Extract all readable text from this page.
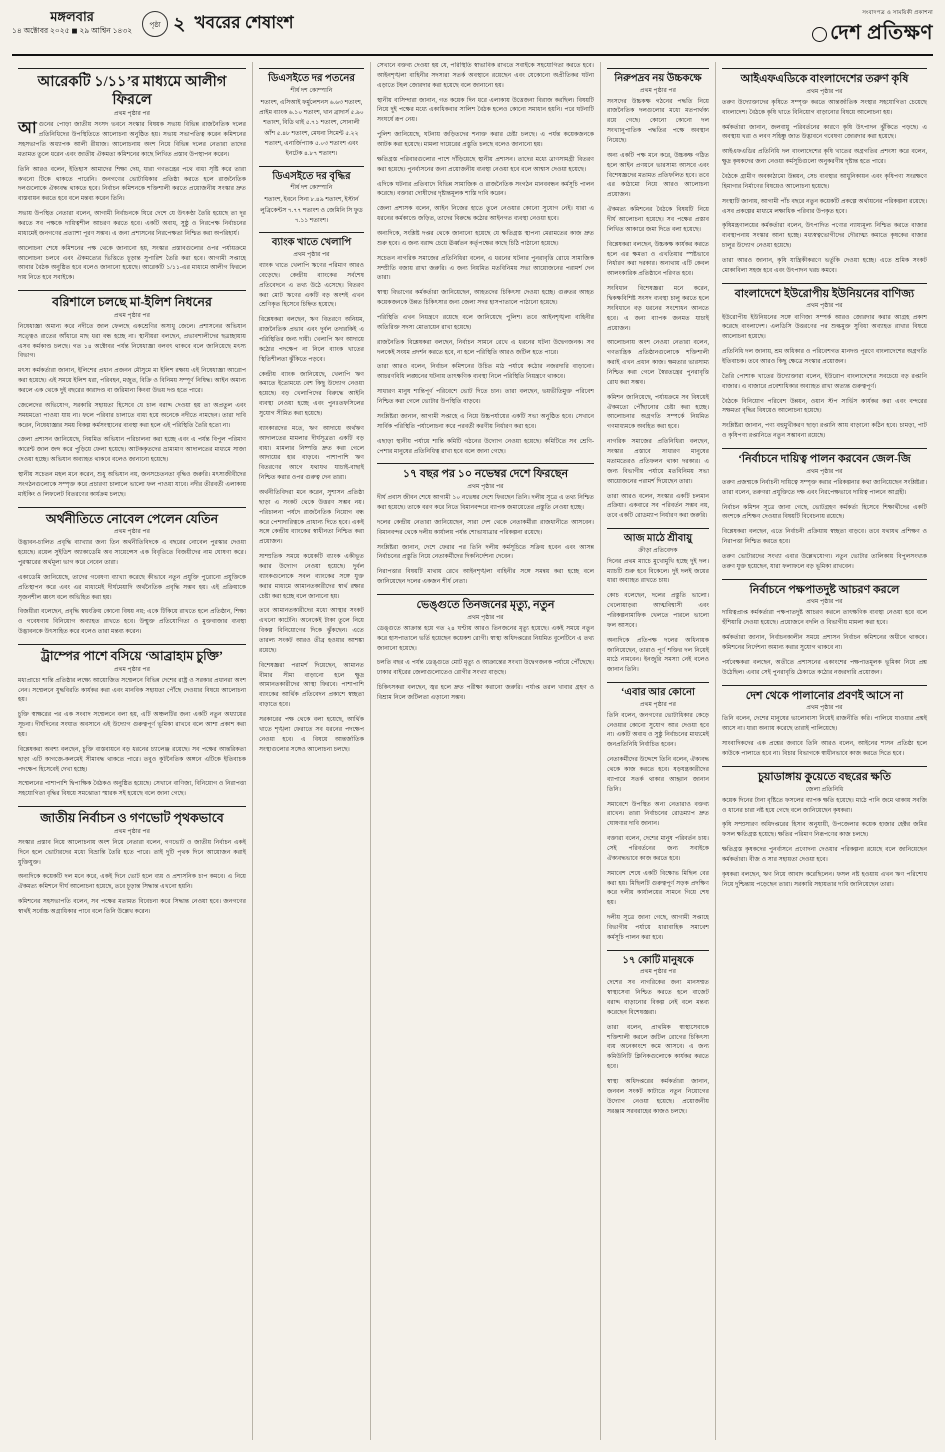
মঙ্গলবার
১৪ অক্টোবর ২০২৫ ◼ ২৯ আশ্বিন ১৪৩২
পৃষ্ঠা ২ খবরের শেষাংশ	সংবাদপত্র ও সাময়িকী প্রকাশনা
দেশ প্রতিক্ষণ
আরেকটি ১/১১’র মাধ্যমে আলীগ ফিরলে
প্রথম পৃষ্ঠার পর
আগুনের পোড়া জাতীয় সংসদ ভবনে সংস্কার বিষয়ক সভায় বিভিন্ন রাজনৈতিক দলের প্রতিনিধিদের উপস্থিতিতে আলোচনা অনুষ্ঠিত হয়। সভায় সভাপতিত্ব করেন কমিশনের সহসভাপতি অধ্যাপক আলী রীয়াজ। আলোচনায় অংশ নিয়ে বিভিন্ন দলের নেতারা তাদের মতামত তুলে ধরেন এবং জাতীয় ঐকমত্য কমিশনের কাছে লিখিত প্রস্তাব উপস্থাপন করেন।
তিনি আরও বলেন, ইতিহাস আমাদের শিক্ষা দেয়, যারা গণতন্ত্রের পথে বাধা সৃষ্টি করে তারা কখনো টিকে থাকতে পারেনি। জনগণের ভোটাধিকার প্রতিষ্ঠা করতে হলে রাজনৈতিক দলগুলোকে ঐক্যবদ্ধ থাকতে হবে। নির্বাচন কমিশনকে শক্তিশালী করতে প্রয়োজনীয় সংস্কার দ্রুত বাস্তবায়ন করতে হবে বলে মন্তব্য করেন তিনি।
সভায় উপস্থিত নেতারা বলেন, আগামী নির্বাচনকে ঘিরে দেশে যে উৎকণ্ঠা তৈরি হয়েছে তা দূর করতে সব পক্ষকে দায়িত্বশীল আচরণ করতে হবে। একটি অবাধ, সুষ্ঠু ও নিরপেক্ষ নির্বাচনের মাধ্যমেই জনগণের প্রত্যাশা পূরণ সম্ভব। এ জন্য প্রশাসনের নিরপেক্ষতা নিশ্চিত করা অপরিহার্য।
আলোচনা শেষে কমিশনের পক্ষ থেকে জানানো হয়, সংস্কার প্রস্তাবগুলোর ওপর পর্যায়ক্রমে আলোচনা চলবে এবং ঐকমত্যের ভিত্তিতে চূড়ান্ত সুপারিশ তৈরি করা হবে। আগামী সপ্তাহে আবার বৈঠক অনুষ্ঠিত হবে বলেও জানানো হয়েছে। আরেকটি ১/১১-এর মাধ্যমে আলীগ ফিরলে দায় নিতে হবে সবাইকে।
বরিশালে চলছে মা-ইলিশ নিধনের
প্রথম পৃষ্ঠার পর
নিষেধাজ্ঞা অমান্য করে নদীতে জাল ফেলছে একশ্রেণির অসাধু জেলে। প্রশাসনের অভিযান সত্ত্বেও রাতের আঁধারে মাছ ধরা বন্ধ হচ্ছে না। স্থানীয়রা বলছেন, প্রভাবশালীদের ছত্রচ্ছায়ায় এসব কর্মকাণ্ড চলছে। গত ১৪ অক্টোবর পর্যন্ত নিষেধাজ্ঞা বলবৎ থাকবে বলে জানিয়েছে মৎস্য বিভাগ।
মৎস্য কর্মকর্তারা জানান, ইলিশের প্রধান প্রজনন মৌসুমে মা ইলিশ রক্ষায় এই নিষেধাজ্ঞা আরোপ করা হয়েছে। এই সময়ে ইলিশ ধরা, পরিবহন, মজুত, বিক্রি ও বিনিময় সম্পূর্ণ নিষিদ্ধ। আইন অমান্য করলে এক থেকে দুই বছরের কারাদণ্ড বা জরিমানা কিংবা উভয় দণ্ড হতে পারে।
জেলেদের অভিযোগ, সরকারি সহায়তা হিসেবে যে চাল বরাদ্দ দেওয়া হয় তা অপ্রতুল এবং সময়মতো পাওয়া যায় না। ফলে পরিবার চালাতে বাধ্য হয়ে অনেকে নদীতে নামছেন। তারা দাবি করেন, নিষেধাজ্ঞার সময় বিকল্প কর্মসংস্থানের ব্যবস্থা করা হলে এই পরিস্থিতি তৈরি হতো না।
জেলা প্রশাসন জানিয়েছে, নিয়মিত অভিযান পরিচালনা করা হচ্ছে এবং এ পর্যন্ত বিপুল পরিমাণ কারেন্ট জাল জব্দ করে পুড়িয়ে ফেলা হয়েছে। আটককৃতদের ভ্রাম্যমাণ আদালতের মাধ্যমে সাজা দেওয়া হচ্ছে। অভিযান অব্যাহত থাকবে বলেও জানানো হয়েছে।
স্থানীয় সচেতন মহল মনে করেন, শুধু অভিযান নয়, জনসচেতনতা বৃদ্ধিও জরুরি। মৎস্যজীবীদের সংগঠনগুলোকে সম্পৃক্ত করে প্রচারণা চালালে ভালো ফল পাওয়া যাবে। নদীর তীরবর্তী এলাকায় মাইকিং ও লিফলেট বিতরণের কার্যক্রম চলছে।
অর্থনীতিতে নোবেল পেলেন যেতিন
প্রথম পৃষ্ঠার পর
উদ্ভাবন-চালিত প্রবৃদ্ধি ব্যাখ্যার জন্য তিন অর্থনীতিবিদকে এ বছরের নোবেল পুরস্কার দেওয়া হয়েছে। রয়েল সুইডিশ অ্যাকাডেমি অব সায়েন্সেস এক বিবৃতিতে বিজয়ীদের নাম ঘোষণা করে। পুরস্কারের অর্থমূল্য ভাগ করে নেবেন তারা।
একাডেমি জানিয়েছে, তাদের গবেষণা ব্যাখ্যা করেছে কীভাবে নতুন প্রযুক্তি পুরোনো প্রযুক্তিকে প্রতিস্থাপন করে এবং এর মাধ্যমেই দীর্ঘমেয়াদি অর্থনৈতিক প্রবৃদ্ধি সম্ভব হয়। এই প্রক্রিয়াকে সৃজনশীল ধ্বংস বলে অভিহিত করা হয়।
বিজয়ীরা বলেছেন, প্রবৃদ্ধি স্বয়ংক্রিয় কোনো বিষয় নয়; একে টিকিয়ে রাখতে হলে প্রতিষ্ঠান, শিক্ষা ও গবেষণায় বিনিয়োগ অব্যাহত রাখতে হবে। উন্মুক্ত প্রতিযোগিতা ও মুক্তবাজার ব্যবস্থা উদ্ভাবনকে উৎসাহিত করে বলেও তারা মন্তব্য করেন।
ট্রাম্পের পাশে বসিয়ে ‘আব্রাহাম চুক্তি’
প্রথম পৃষ্ঠার পর
মধ্যপ্রাচ্যে শান্তি প্রতিষ্ঠার লক্ষ্যে আয়োজিত সম্মেলনে বিভিন্ন দেশের রাষ্ট্র ও সরকার প্রধানরা অংশ নেন। সম্মেলনে যুদ্ধবিরতি কার্যকর করা এবং মানবিক সহায়তা পৌঁছে দেওয়ার বিষয়ে আলোচনা হয়।
চুক্তি স্বাক্ষরের পর এক সংবাদ সম্মেলনে বলা হয়, এটি অঞ্চলটির জন্য একটি নতুন অধ্যায়ের সূচনা। দীর্ঘদিনের সংঘাত অবসানে এই উদ্যোগ গুরুত্বপূর্ণ ভূমিকা রাখবে বলে আশা প্রকাশ করা হয়।
বিশ্লেষকরা অবশ্য বলছেন, চুক্তি বাস্তবায়নে বড় ধরনের চ্যালেঞ্জ রয়েছে। সব পক্ষের আন্তরিকতা ছাড়া এটি কাগজে-কলমেই সীমাবদ্ধ থাকতে পারে। তবুও কূটনৈতিক অঙ্গনে এটিকে ইতিবাচক পদক্ষেপ হিসেবেই দেখা হচ্ছে।
সম্মেলনের পাশাপাশি দ্বিপাক্ষিক বৈঠকও অনুষ্ঠিত হয়েছে। সেখানে বাণিজ্য, বিনিয়োগ ও নিরাপত্তা সহযোগিতা বৃদ্ধির বিষয়ে সমঝোতা স্মারক সই হয়েছে বলে জানা গেছে।
জাতীয় নির্বাচন ও গণভোট পৃথকভাবে
প্রথম পৃষ্ঠার পর
সংস্কার প্রস্তাব নিয়ে আলোচনায় অংশ নিয়ে নেতারা বলেন, গণভোট ও জাতীয় নির্বাচন একই দিনে হলে ভোটারদের মধ্যে বিভ্রান্তি তৈরি হতে পারে। তাই দুটি পৃথক দিনে আয়োজন করাই যুক্তিযুক্ত।
অন্যদিকে কয়েকটি দল মনে করে, একই দিনে ভোট হলে ব্যয় ও প্রশাসনিক চাপ কমবে। এ নিয়ে ঐকমত্য কমিশনে দীর্ঘ আলোচনা হয়েছে, তবে চূড়ান্ত সিদ্ধান্ত এখনো হয়নি।
কমিশনের সহসভাপতি বলেন, সব পক্ষের মতামত বিবেচনা করে সিদ্ধান্ত নেওয়া হবে। জনগণের স্বার্থই সর্বোচ্চ অগ্রাধিকার পাবে বলে তিনি উল্লেখ করেন।
ডিএসইতে দর পতনের
শীর্ষ দশ কোম্পানি
শতাংশ, এসিআই ফর্মুলেশনস ৬.৬৩ শতাংশ, প্রাইম ব্যাংক ৬.১০ শতাংশ, খান ব্রাদার্স ৫.৯০ শতাংশ, বিডি থাই ৫.৭১ শতাংশ, সোনালী আঁশ ৫.৪৮ শতাংশ, মেঘনা সিমেন্ট ৫.২২ শতাংশ, এনার্জিপ্যাক ৫.০৩ শতাংশ এবং ইনটেক ৪.৮৭ শতাংশ।
ডিএসইতে দর বৃদ্ধির
শীর্ষ দশ কোম্পানি
শতাংশ, ইবনে সিনা ৮.৪৯ শতাংশ, ইস্টার্ন লুব্রিকেন্টস ৭.৭৭ শতাংশ ও জেমিনি সি ফুড ৭.১১ শতাংশ।
ব্যাংক খাতে খেলাপি
প্রথম পৃষ্ঠার পর
ব্যাংক খাতে খেলাপি ঋণের পরিমাণ আরও বেড়েছে। কেন্দ্রীয় ব্যাংকের সর্বশেষ প্রতিবেদনে এ তথ্য উঠে এসেছে। বিতরণ করা মোট ঋণের একটি বড় অংশই এখন শ্রেণিকৃত হিসেবে চিহ্নিত হয়েছে।
বিশ্লেষকরা বলছেন, ঋণ বিতরণে অনিয়ম, রাজনৈতিক প্রভাব এবং দুর্বল তদারকিই এ পরিস্থিতির জন্য দায়ী। খেলাপি ঋণ আদায়ে কঠোর পদক্ষেপ না নিলে ব্যাংক খাতের স্থিতিশীলতা ঝুঁকিতে পড়বে।
কেন্দ্রীয় ব্যাংক জানিয়েছে, খেলাপি ঋণ কমাতে ইতোমধ্যে বেশ কিছু উদ্যোগ নেওয়া হয়েছে। বড় খেলাপিদের বিরুদ্ধে আইনি ব্যবস্থা নেওয়া হচ্ছে এবং পুনঃতফসিলের সুযোগ সীমিত করা হয়েছে।
ব্যাংকারদের মতে, ঋণ আদায়ে অর্থঋণ আদালতের মামলার দীর্ঘসূত্রতা একটি বড় বাধা। মামলার নিষ্পত্তি দ্রুত করা গেলে আদায়ের হার বাড়বে। পাশাপাশি ঋণ বিতরণের আগে যথাযথ যাচাই-বাছাই নিশ্চিত করার ওপর গুরুত্ব দেন তারা।
অর্থনীতিবিদরা মনে করেন, সুশাসন প্রতিষ্ঠা ছাড়া এ সংকট থেকে উত্তরণ সম্ভব নয়। পরিচালনা পর্ষদে রাজনৈতিক নিয়োগ বন্ধ করে পেশাদারিত্বকে প্রাধান্য দিতে হবে। একই সঙ্গে কেন্দ্রীয় ব্যাংকের স্বাধীনতা নিশ্চিত করা প্রয়োজন।
সাম্প্রতিক সময়ে কয়েকটি ব্যাংক একীভূত করার উদ্যোগ নেওয়া হয়েছে। দুর্বল ব্যাংকগুলোকে সবল ব্যাংকের সঙ্গে যুক্ত করার মাধ্যমে আমানতকারীদের স্বার্থ রক্ষার চেষ্টা করা হচ্ছে বলে জানানো হয়।
তবে আমানতকারীদের মধ্যে আস্থার সংকট এখনো কাটেনি। অনেকেই টাকা তুলে নিয়ে বিকল্প বিনিয়োগের দিকে ঝুঁকছেন। এতে তারল্য সংকট আরও তীব্র হওয়ার আশঙ্কা রয়েছে।
বিশেষজ্ঞরা পরামর্শ দিয়েছেন, আমানত বীমার সীমা বাড়ানো হলে ক্ষুদ্র আমানতকারীদের আস্থা ফিরবে। পাশাপাশি ব্যাংকের আর্থিক প্রতিবেদন প্রকাশে স্বচ্ছতা বাড়াতে হবে।
সরকারের পক্ষ থেকে বলা হয়েছে, আর্থিক খাতে শৃঙ্খলা ফেরাতে সব ধরনের পদক্ষেপ নেওয়া হবে। এ বিষয়ে আন্তর্জাতিক সংস্থাগুলোর সঙ্গেও আলোচনা চলছে।
সেখানে বক্তব্য দেওয়া হয় যে, পরিস্থিতি স্বাভাবিক রাখতে সবাইকে সহযোগিতা করতে হবে। আইনশৃঙ্খলা বাহিনীর সদস্যরা সতর্ক অবস্থানে রয়েছেন এবং যেকোনো অপ্রীতিকর ঘটনা এড়াতে টহল জোরদার করা হয়েছে বলে জানানো হয়।
স্থানীয় বাসিন্দারা জানান, গত কয়েক দিন ধরে এলাকায় উত্তেজনা বিরাজ করছিল। বিষয়টি নিয়ে দুই পক্ষের মধ্যে একাধিকবার সালিশ বৈঠক হলেও কোনো সমাধান হয়নি। পরে ঘটনাটি সংঘর্ষে রূপ নেয়।
পুলিশ জানিয়েছে, ঘটনায় জড়িতদের শনাক্ত করার চেষ্টা চলছে। এ পর্যন্ত কয়েকজনকে আটক করা হয়েছে। মামলা দায়েরের প্রস্তুতি চলছে বলেও জানানো হয়।
ক্ষতিগ্রস্ত পরিবারগুলোর পাশে দাঁড়িয়েছে স্থানীয় প্রশাসন। তাদের মধ্যে ত্রাণসামগ্রী বিতরণ করা হয়েছে। পুনর্বাসনের জন্য প্রয়োজনীয় ব্যবস্থা নেওয়া হবে বলে আশ্বাস দেওয়া হয়েছে।
এদিকে ঘটনার প্রতিবাদে বিভিন্ন সামাজিক ও রাজনৈতিক সংগঠন মানববন্ধন কর্মসূচি পালন করেছে। বক্তারা দোষীদের দৃষ্টান্তমূলক শাস্তি দাবি করেন।
জেলা প্রশাসক বলেন, আইন নিজের হাতে তুলে নেওয়ার কোনো সুযোগ নেই। যারা এ ধরনের কর্মকাণ্ডে জড়িত, তাদের বিরুদ্ধে কঠোর আইনগত ব্যবস্থা নেওয়া হবে।
অন্যদিকে, সংশ্লিষ্ট দপ্তর থেকে জানানো হয়েছে যে ক্ষতিগ্রস্ত স্থাপনা মেরামতের কাজ দ্রুত শুরু হবে। এ জন্য বরাদ্দ চেয়ে ঊর্ধ্বতন কর্তৃপক্ষের কাছে চিঠি পাঠানো হয়েছে।
সচেতন নাগরিক সমাজের প্রতিনিধিরা বলেন, এ ধরনের ঘটনার পুনরাবৃত্তি রোধে সামাজিক সম্প্রীতি বজায় রাখা জরুরি। এ জন্য নিয়মিত মতবিনিময় সভা আয়োজনের পরামর্শ দেন তারা।
স্বাস্থ্য বিভাগের কর্মকর্তারা জানিয়েছেন, আহতদের চিকিৎসা দেওয়া হচ্ছে। গুরুতর আহত কয়েকজনকে উন্নত চিকিৎসার জন্য জেলা সদর হাসপাতালে পাঠানো হয়েছে।
পরিস্থিতি এখন নিয়ন্ত্রণে রয়েছে বলে জানিয়েছে পুলিশ। তবে আইনশৃঙ্খলা বাহিনীর অতিরিক্ত সদস্য মোতায়েন রাখা হয়েছে।
রাজনৈতিক বিশ্লেষকরা বলছেন, নির্বাচন সামনে রেখে এ ধরনের ঘটনা উদ্বেগজনক। সব দলকেই সংযম প্রদর্শন করতে হবে, না হলে পরিস্থিতি আরও জটিল হতে পারে।
তারা আরও বলেন, নির্বাচন কমিশনের উচিত মাঠ পর্যায়ে কঠোর নজরদারি বাড়ানো। আচরণবিধি লঙ্ঘনের ঘটনায় তাৎক্ষণিক ব্যবস্থা নিলে পরিস্থিতি নিয়ন্ত্রণে থাকবে।
সাধারণ মানুষ শান্তিপূর্ণ পরিবেশে ভোট দিতে চান। তারা বলছেন, ভয়ভীতিমুক্ত পরিবেশ নিশ্চিত করা গেলে ভোটার উপস্থিতি বাড়বে।
সংশ্লিষ্টরা জানান, আগামী সপ্তাহে এ নিয়ে উচ্চপর্যায়ের একটি সভা অনুষ্ঠিত হবে। সেখানে সার্বিক পরিস্থিতি পর্যালোচনা করে পরবর্তী করণীয় নির্ধারণ করা হবে।
এছাড়া স্থানীয় পর্যায়ে শান্তি কমিটি গঠনের উদ্যোগ নেওয়া হয়েছে। কমিটিতে সব শ্রেণি-পেশার মানুষের প্রতিনিধিত্ব রাখা হবে বলে জানা গেছে।
১৭ বছর পর ১০ নভেম্বর দেশে ফিরছেন
প্রথম পৃষ্ঠার পর
দীর্ঘ প্রবাস জীবন শেষে আগামী ১০ নভেম্বর দেশে ফিরছেন তিনি। দলীয় সূত্রে এ তথ্য নিশ্চিত করা হয়েছে। তাকে বরণ করে নিতে বিমানবন্দরে ব্যাপক জমায়েতের প্রস্তুতি নেওয়া হচ্ছে।
দলের কেন্দ্রীয় নেতারা জানিয়েছেন, সারা দেশ থেকে নেতাকর্মীরা রাজধানীতে আসবেন। বিমানবন্দর থেকে দলীয় কার্যালয় পর্যন্ত শোভাযাত্রার পরিকল্পনা রয়েছে।
সংশ্লিষ্টরা জানান, দেশে ফেরার পর তিনি দলীয় কর্মসূচিতে সক্রিয় হবেন এবং আসন্ন নির্বাচনের প্রস্তুতি নিয়ে নেতাকর্মীদের দিকনির্দেশনা দেবেন।
নিরাপত্তার বিষয়টি মাথায় রেখে আইনশৃঙ্খলা বাহিনীর সঙ্গে সমন্বয় করা হচ্ছে বলে জানিয়েছেন দলের একজন শীর্ষ নেতা।
ভেঙ্গুতে তিনজনের মৃত্যু, নতুন
প্রথম পৃষ্ঠার পর
ডেঙ্গুতে আক্রান্ত হয়ে গত ২৪ ঘণ্টায় আরও তিনজনের মৃত্যু হয়েছে। একই সময়ে নতুন করে হাসপাতালে ভর্তি হয়েছেন কয়েকশ রোগী। স্বাস্থ্য অধিদপ্তরের নিয়মিত বুলেটিনে এ তথ্য জানানো হয়েছে।
চলতি বছর এ পর্যন্ত ডেঙ্গুতে মোট মৃত্যু ও আক্রান্তের সংখ্যা উদ্বেগজনক পর্যায়ে পৌঁছেছে। ঢাকার বাইরের জেলাগুলোতেও রোগীর সংখ্যা বাড়ছে।
চিকিৎসকরা বলছেন, জ্বর হলে দ্রুত পরীক্ষা করানো জরুরি। পর্যাপ্ত তরল খাবার গ্রহণ ও বিশ্রাম নিলে জটিলতা এড়ানো সম্ভব।
নিরুপদ্রব নয় উচ্চকক্ষে
প্রথম পৃষ্ঠার পর
সংসদের উচ্চকক্ষ গঠনের পদ্ধতি নিয়ে রাজনৈতিক দলগুলোর মধ্যে মতপার্থক্য রয়ে গেছে। কোনো কোনো দল সংখ্যানুপাতিক পদ্ধতির পক্ষে অবস্থান নিয়েছে।
অন্য একটি পক্ষ মনে করে, উচ্চকক্ষ গঠিত হলে আইন প্রণয়নে ভারসাম্য আসবে এবং বিশেষজ্ঞদের মতামত প্রতিফলিত হবে। তবে এর কাঠামো নিয়ে আরও আলোচনা প্রয়োজন।
ঐকমত্য কমিশনের বৈঠকে বিষয়টি নিয়ে দীর্ঘ আলোচনা হয়েছে। সব পক্ষের প্রস্তাব লিখিত আকারে জমা দিতে বলা হয়েছে।
বিশ্লেষকরা বলছেন, উচ্চকক্ষ কার্যকর করতে হলে এর ক্ষমতা ও এখতিয়ার স্পষ্টভাবে নির্ধারণ করা দরকার। অন্যথায় এটি কেবল আলংকারিক প্রতিষ্ঠানে পরিণত হবে।
সংবিধান বিশেষজ্ঞরা মনে করেন, দ্বিকক্ষবিশিষ্ট সংসদ ব্যবস্থা চালু করতে হলে সংবিধানে বড় ধরনের সংশোধন আনতে হবে। এ জন্য ব্যাপক জনমত যাচাই প্রয়োজন।
আলোচনায় অংশ নেওয়া নেতারা বলেন, গণতান্ত্রিক প্রতিষ্ঠানগুলোকে শক্তিশালী করাই এখন প্রধান কাজ। ক্ষমতার ভারসাম্য নিশ্চিত করা গেলে স্বৈরতন্ত্রের পুনরাবৃত্তি রোধ করা সম্ভব।
কমিশন জানিয়েছে, পর্যায়ক্রমে সব বিষয়েই ঐকমত্যে পৌঁছানোর চেষ্টা করা হচ্ছে। আলোচনার অগ্রগতি সম্পর্কে নিয়মিত গণমাধ্যমকে অবহিত করা হবে।
নাগরিক সমাজের প্রতিনিধিরা বলছেন, সংস্কার প্রস্তাবে সাধারণ মানুষের মতামতেরও প্রতিফলন থাকা দরকার। এ জন্য বিভাগীয় পর্যায়ে মতবিনিময় সভা আয়োজনের পরামর্শ দিয়েছেন তারা।
তারা আরও বলেন, সংস্কার একটি চলমান প্রক্রিয়া। একবারে সব পরিবর্তন সম্ভব নয়, তবে একটি রোডম্যাপ নির্ধারণ করা জরুরি।
আজ মাঠে শ্রীবায়ু
ক্রীড়া প্রতিবেদক
দিনের প্রথম ম্যাচে মুখোমুখি হচ্ছে দুই দল। ম্যাচটি শুরু হবে বিকেলে। দুই দলই জয়ের ধারা অব্যাহত রাখতে চায়।
কোচ বলেছেন, দলের প্রস্তুতি ভালো। খেলোয়াড়রা আত্মবিশ্বাসী এবং পরিকল্পনামাফিক খেলতে পারলে ভালো ফল আসবে।
অন্যদিকে প্রতিপক্ষ দলের অধিনায়ক জানিয়েছেন, তারাও পূর্ণ শক্তির দল নিয়েই মাঠে নামবেন। ইনজুরি সমস্যা নেই বলেও জানান তিনি।
‘এবার আর কোনো
প্রথম পৃষ্ঠার পর
তিনি বলেন, জনগণের ভোটাধিকার কেড়ে নেওয়ার কোনো সুযোগ আর দেওয়া হবে না। একটি অবাধ ও সুষ্ঠু নির্বাচনের মাধ্যমেই জনপ্রতিনিধি নির্বাচিত হবেন।
নেতাকর্মীদের উদ্দেশে তিনি বলেন, ঐক্যবদ্ধ থেকে কাজ করতে হবে। ষড়যন্ত্রকারীদের ব্যাপারে সতর্ক থাকার আহ্বান জানান তিনি।
সমাবেশে উপস্থিত অন্য নেতারাও বক্তব্য রাখেন। তারা নির্বাচনের রোডম্যাপ দ্রুত ঘোষণার দাবি জানান।
বক্তারা বলেন, দেশের মানুষ পরিবর্তন চায়। সেই পরিবর্তনের জন্য সবাইকে ঐক্যবদ্ধভাবে কাজ করতে হবে।
সমাবেশ শেষে একটি বিক্ষোভ মিছিল বের করা হয়। মিছিলটি গুরুত্বপূর্ণ সড়ক প্রদক্ষিণ করে দলীয় কার্যালয়ের সামনে গিয়ে শেষ হয়।
দলীয় সূত্রে জানা গেছে, আগামী সপ্তাহে বিভাগীয় পর্যায়ে ধারাবাহিক সমাবেশ কর্মসূচি পালন করা হবে।
১৭ কোটি মানুষকে
প্রথম পৃষ্ঠার পর
দেশের সব নাগরিকের জন্য মানসম্মত স্বাস্থ্যসেবা নিশ্চিত করতে হলে বাজেট বরাদ্দ বাড়ানোর বিকল্প নেই বলে মন্তব্য করেছেন বিশেষজ্ঞরা।
তারা বলেন, প্রাথমিক স্বাস্থ্যসেবাকে শক্তিশালী করলে জটিল রোগের চিকিৎসা ব্যয় অনেকাংশে কমে আসবে। এ জন্য কমিউনিটি ক্লিনিকগুলোকে কার্যকর করতে হবে।
স্বাস্থ্য অধিদপ্তরের কর্মকর্তারা জানান, জনবল সংকট কাটাতে নতুন নিয়োগের উদ্যোগ নেওয়া হয়েছে। প্রয়োজনীয় সরঞ্জাম সরবরাহের কাজও চলছে।
আইএফএডিকে বাংলাদেশের তরুণ কৃষি
প্রথম পৃষ্ঠার পর
তরুণ উদ্যোক্তাদের কৃষিতে সম্পৃক্ত করতে আন্তর্জাতিক সংস্থার সহযোগিতা চেয়েছে বাংলাদেশ। বৈঠকে কৃষি খাতে বিনিয়োগ বাড়ানোর বিষয়ে আলোচনা হয়।
কর্মকর্তারা জানান, জলবায়ু পরিবর্তনের কারণে কৃষি উৎপাদন ঝুঁকিতে পড়ছে। এ অবস্থায় খরা ও লবণ সহিষ্ণু জাত উদ্ভাবনে গবেষণা জোরদার করা হয়েছে।
আইএফএডির প্রতিনিধি দল বাংলাদেশের কৃষি খাতের অগ্রগতির প্রশংসা করে বলেন, ক্ষুদ্র কৃষকদের জন্য নেওয়া কর্মসূচিগুলো অনুকরণীয় দৃষ্টান্ত হতে পারে।
বৈঠকে গ্রামীণ অবকাঠামো উন্নয়ন, সেচ ব্যবস্থার আধুনিকায়ন এবং কৃষিপণ্য সংরক্ষণে হিমাগার নির্মাণের বিষয়েও আলোচনা হয়েছে।
সংস্থাটি জানায়, আগামী পাঁচ বছরে নতুন কয়েকটি প্রকল্পে অর্থায়নের পরিকল্পনা রয়েছে। এসব প্রকল্পের মাধ্যমে লক্ষাধিক পরিবার উপকৃত হবে।
কৃষিমন্ত্রণালয়ের কর্মকর্তারা বলেন, উৎপাদিত পণ্যের ন্যায্যমূল্য নিশ্চিত করতে বাজার ব্যবস্থাপনায় সংস্কার আনা হচ্ছে। মধ্যস্বত্বভোগীদের দৌরাত্ম্য কমাতে কৃষকের বাজার চালুর উদ্যোগ নেওয়া হয়েছে।
তারা আরও জানান, কৃষি যান্ত্রিকীকরণে ভর্তুকি দেওয়া হচ্ছে। এতে শ্রমিক সংকট মোকাবিলা সহজ হবে এবং উৎপাদন খরচ কমবে।
বাংলাদেশে ইউরোপীয় ইউনিয়নের বাণিজ্য
প্রথম পৃষ্ঠার পর
ইউরোপীয় ইউনিয়নের সঙ্গে বাণিজ্য সম্পর্ক আরও জোরদার করার আগ্রহ প্রকাশ করেছে বাংলাদেশ। এলডিসি উত্তরণের পর শুল্কমুক্ত সুবিধা অব্যাহত রাখার বিষয়ে আলোচনা হয়েছে।
প্রতিনিধি দল জানায়, শ্রম অধিকার ও পরিবেশগত মানদণ্ড পূরণে বাংলাদেশের অগ্রগতি ইতিবাচক। তবে আরও কিছু ক্ষেত্রে সংস্কার প্রয়োজন।
তৈরি পোশাক খাতের উদ্যোক্তারা বলেন, ইউরোপ বাংলাদেশের সবচেয়ে বড় রপ্তানি বাজার। এ বাজারে প্রবেশাধিকার অব্যাহত রাখা অত্যন্ত গুরুত্বপূর্ণ।
বৈঠকে বিনিয়োগ পরিবেশ উন্নয়ন, ওয়ান স্টপ সার্ভিস কার্যকর করা এবং বন্দরের সক্ষমতা বৃদ্ধির বিষয়েও আলোচনা হয়েছে।
সংশ্লিষ্টরা জানান, পণ্য বহুমুখীকরণ ছাড়া রপ্তানি আয় বাড়ানো কঠিন হবে। চামড়া, পাট ও কৃষিপণ্য রপ্তানিতে নতুন সম্ভাবনা রয়েছে।
‘নির্বাচনে দায়িত্ব পালন করবেন জেল-জি
প্রথম পৃষ্ঠার পর
তরুণ প্রজন্মকে নির্বাচনী দায়িত্বে সম্পৃক্ত করার পরিকল্পনার কথা জানিয়েছেন সংশ্লিষ্টরা। তারা বলেন, তরুণরা প্রযুক্তিতে দক্ষ এবং নিরপেক্ষভাবে দায়িত্ব পালনে আগ্রহী।
নির্বাচন কমিশন সূত্রে জানা গেছে, ভোটগ্রহণ কর্মকর্তা হিসেবে শিক্ষার্থীদের একটি অংশকে প্রশিক্ষণ দেওয়ার বিষয়টি বিবেচনায় রয়েছে।
বিশ্লেষকরা বলছেন, এতে নির্বাচনী প্রক্রিয়ায় স্বচ্ছতা বাড়বে। তবে যথাযথ প্রশিক্ষণ ও নিরাপত্তা নিশ্চিত করতে হবে।
তরুণ ভোটারদের সংখ্যা এবার উল্লেখযোগ্য। নতুন ভোটার তালিকায় বিপুলসংখ্যক তরুণ যুক্ত হয়েছেন, যারা ফলাফলে বড় ভূমিকা রাখবেন।
নির্বাচনে পক্ষপাতদুষ্ট আচরণ করলে
প্রথম পৃষ্ঠার পর
দায়িত্বপ্রাপ্ত কর্মকর্তারা পক্ষপাতদুষ্ট আচরণ করলে তাৎক্ষণিক ব্যবস্থা নেওয়া হবে বলে হুঁশিয়ারি দেওয়া হয়েছে। প্রয়োজনে বদলি ও বিভাগীয় মামলা করা হবে।
কর্মকর্তারা জানান, নির্বাচনকালীন সময়ে প্রশাসন নির্বাচন কমিশনের অধীনে থাকবে। কমিশনের নির্দেশনা অমান্য করার সুযোগ থাকবে না।
পর্যবেক্ষকরা বলছেন, অতীতে প্রশাসনের একাংশের পক্ষপাতমূলক ভূমিকা নিয়ে প্রশ্ন উঠেছিল। এবার সেই পুনরাবৃত্তি ঠেকাতে কঠোর নজরদারি প্রয়োজন।
দেশ থেকে পালানোর প্রবণই আসে না
প্রথম পৃষ্ঠার পর
তিনি বলেন, দেশের মানুষের ভালোবাসা নিয়েই রাজনীতি করি। পালিয়ে যাওয়ার প্রশ্নই আসে না। যারা অন্যায় করেছে তারাই পালিয়েছে।
সাংবাদিকদের এক প্রশ্নের জবাবে তিনি আরও বলেন, আইনের শাসন প্রতিষ্ঠা হলে কাউকে পালাতে হবে না। বিচার বিভাগকে স্বাধীনভাবে কাজ করতে দিতে হবে।
চুয়াডাঙ্গায় কুয়েতে বছরের ক্ষতি
জেলা প্রতিনিধি
কয়েক দিনের টানা বৃষ্টিতে ফসলের ব্যাপক ক্ষতি হয়েছে। মাঠে পানি জমে থাকায় সবজি ও ধানের চারা নষ্ট হয়ে গেছে বলে জানিয়েছেন কৃষকরা।
কৃষি সম্প্রসারণ অধিদপ্তরের হিসাব অনুযায়ী, উপজেলার কয়েক হাজার হেক্টর জমির ফসল ক্ষতিগ্রস্ত হয়েছে। ক্ষতির পরিমাণ নিরূপণের কাজ চলছে।
ক্ষতিগ্রস্ত কৃষকদের পুনর্বাসনে প্রণোদনা দেওয়ার পরিকল্পনা রয়েছে বলে জানিয়েছেন কর্মকর্তারা। বীজ ও সার সহায়তা দেওয়া হবে।
কৃষকরা বলছেন, ঋণ নিয়ে আবাদ করেছিলেন। ফসল নষ্ট হওয়ায় এখন ঋণ পরিশোধ নিয়ে দুশ্চিন্তায় পড়েছেন তারা। সরকারি সহায়তার দাবি জানিয়েছেন তারা।
